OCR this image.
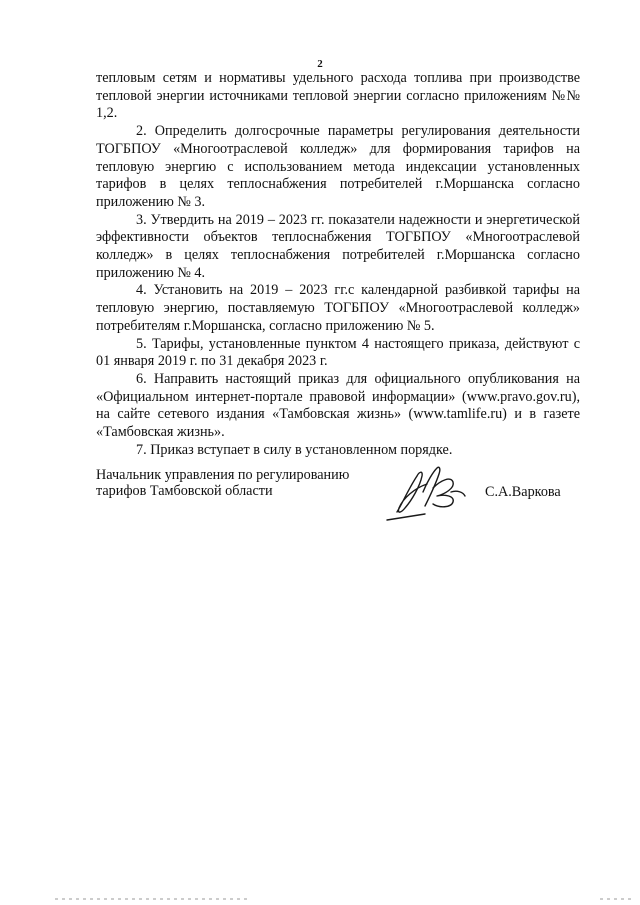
2

тепловым сетям и нормативы удельного расхода топлива при производстве тепловой энергии источниками тепловой энергии согласно приложениям №№ 1,2.

2. Определить долгосрочные параметры регулирования деятельности ТОГБПОУ «Многоотраслевой колледж» для формирования тарифов на тепловую энергию с использованием метода индексации установленных тарифов в целях теплоснабжения потребителей г.Моршанска согласно приложению № 3.

3. Утвердить на 2019 – 2023 гг. показатели надежности и энергетической эффективности объектов теплоснабжения ТОГБПОУ «Многоотраслевой колледж» в целях теплоснабжения потребителей г.Моршанска согласно приложению № 4.

4. Установить на 2019 – 2023 гг.с календарной разбивкой тарифы на тепловую энергию, поставляемую ТОГБПОУ «Многоотраслевой колледж» потребителям г.Моршанска, согласно приложению № 5.

5. Тарифы, установленные пунктом 4 настоящего приказа, действуют с 01 января 2019 г. по 31 декабря 2023 г.

6. Направить настоящий приказ для официального опубликования на «Официальном интернет-портале правовой информации» (www.pravo.gov.ru), на сайте сетевого издания «Тамбовская жизнь» (www.tamlife.ru) и в газете «Тамбовская жизнь».

7. Приказ вступает в силу в установленном порядке.

Начальник управления по регулированию
тарифов Тамбовской области	С.А.Варкова
